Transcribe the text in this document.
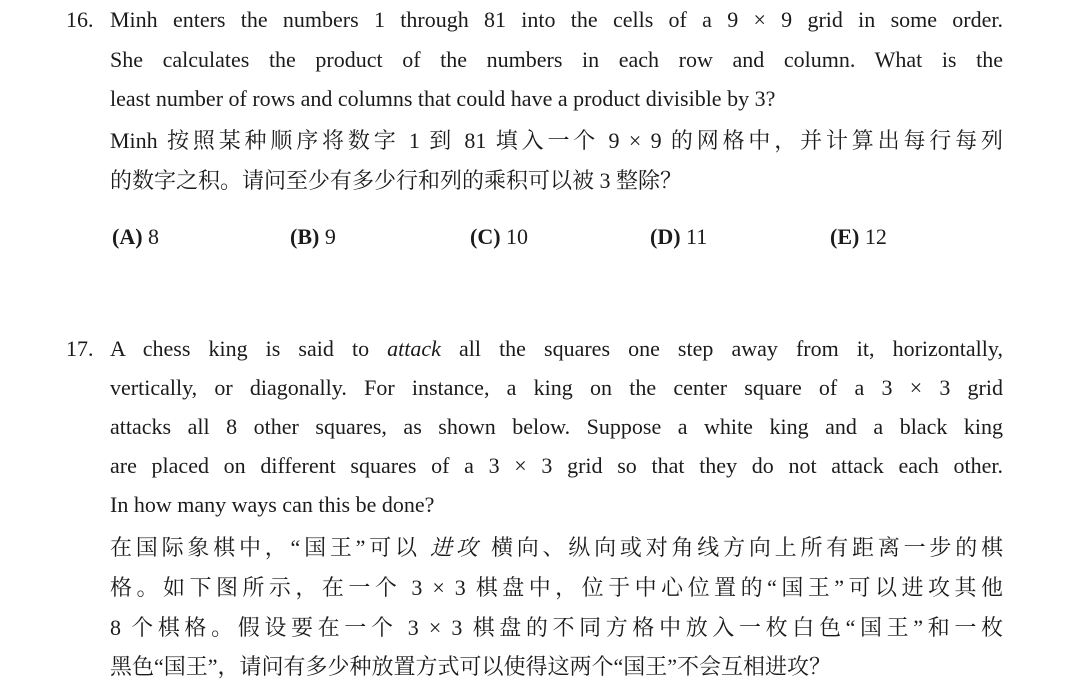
16. Minh enters the numbers 1 through 81 into the cells of a 9 × 9 grid in some order.
She calculates the product of the numbers in each row and column. What is the
least number of rows and columns that could have a product divisible by 3?
Minh 按照某种顺序将数字 1 到 81 填入一个 9 × 9 的网格中，并计算出每行每列
的数字之积。请问至少有多少行和列的乘积可以被 3 整除？
(A) 8	(B) 9	(C) 10	(D) 11	(E) 12
17. A chess king is said to attack all the squares one step away from it, horizontally,
vertically, or diagonally. For instance, a king on the center square of a 3 × 3 grid
attacks all 8 other squares, as shown below. Suppose a white king and a black king
are placed on different squares of a 3 × 3 grid so that they do not attack each other.
In how many ways can this be done?
在国际象棋中，“国王”可以 进攻 横向、纵向或对角线方向上所有距离一步的棋
格。如下图所示，在一个 3 × 3 棋盘中，位于中心位置的“国王”可以进攻其他
8 个棋格。假设要在一个 3 × 3 棋盘的不同方格中放入一枚白色“国王”和一枚
黑色“国王”，请问有多少种放置方式可以使得这两个“国王”不会互相进攻？
